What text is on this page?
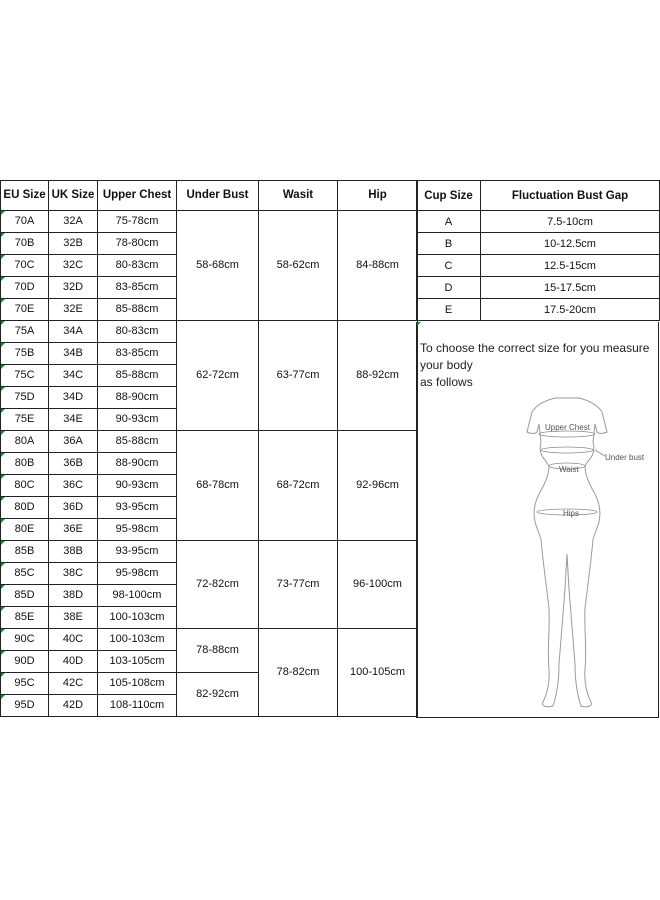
EU Size	UK Size	Upper Chest	Under Bust	Wasit	Hip
70A	32A	75-78cm	58-68cm	58-62cm	84-88cm
70B	32B	78-80cm			
70C	32C	80-83cm			
70D	32D	83-85cm			
70E	32E	85-88cm			
75A	34A	80-83cm	62-72cm	63-77cm	88-92cm
75B	34B	83-85cm			
75C	34C	85-88cm			
75D	34D	88-90cm			
75E	34E	90-93cm			
80A	36A	85-88cm	68-78cm	68-72cm	92-96cm
80B	36B	88-90cm			
80C	36C	90-93cm			
80D	36D	93-95cm			
80E	36E	95-98cm			
85B	38B	93-95cm	72-82cm	73-77cm	96-100cm
85C	38C	95-98cm			
85D	38D	98-100cm			
85E	38E	100-103cm			
90C	40C	100-103cm	78-88cm	78-82cm	100-105cm
90D	40D	103-105cm			
95C	42C	105-108cm	82-92cm		
95D	42D	108-110cm			
Cup Size	Fluctuation Bust Gap
A	7.5-10cm
B	10-12.5cm
C	12.5-15cm
D	15-17.5cm
E	17.5-20cm
To choose the correct size for you measure
your body
as follows
Upper Chest
Under bust
Waist
Hips
